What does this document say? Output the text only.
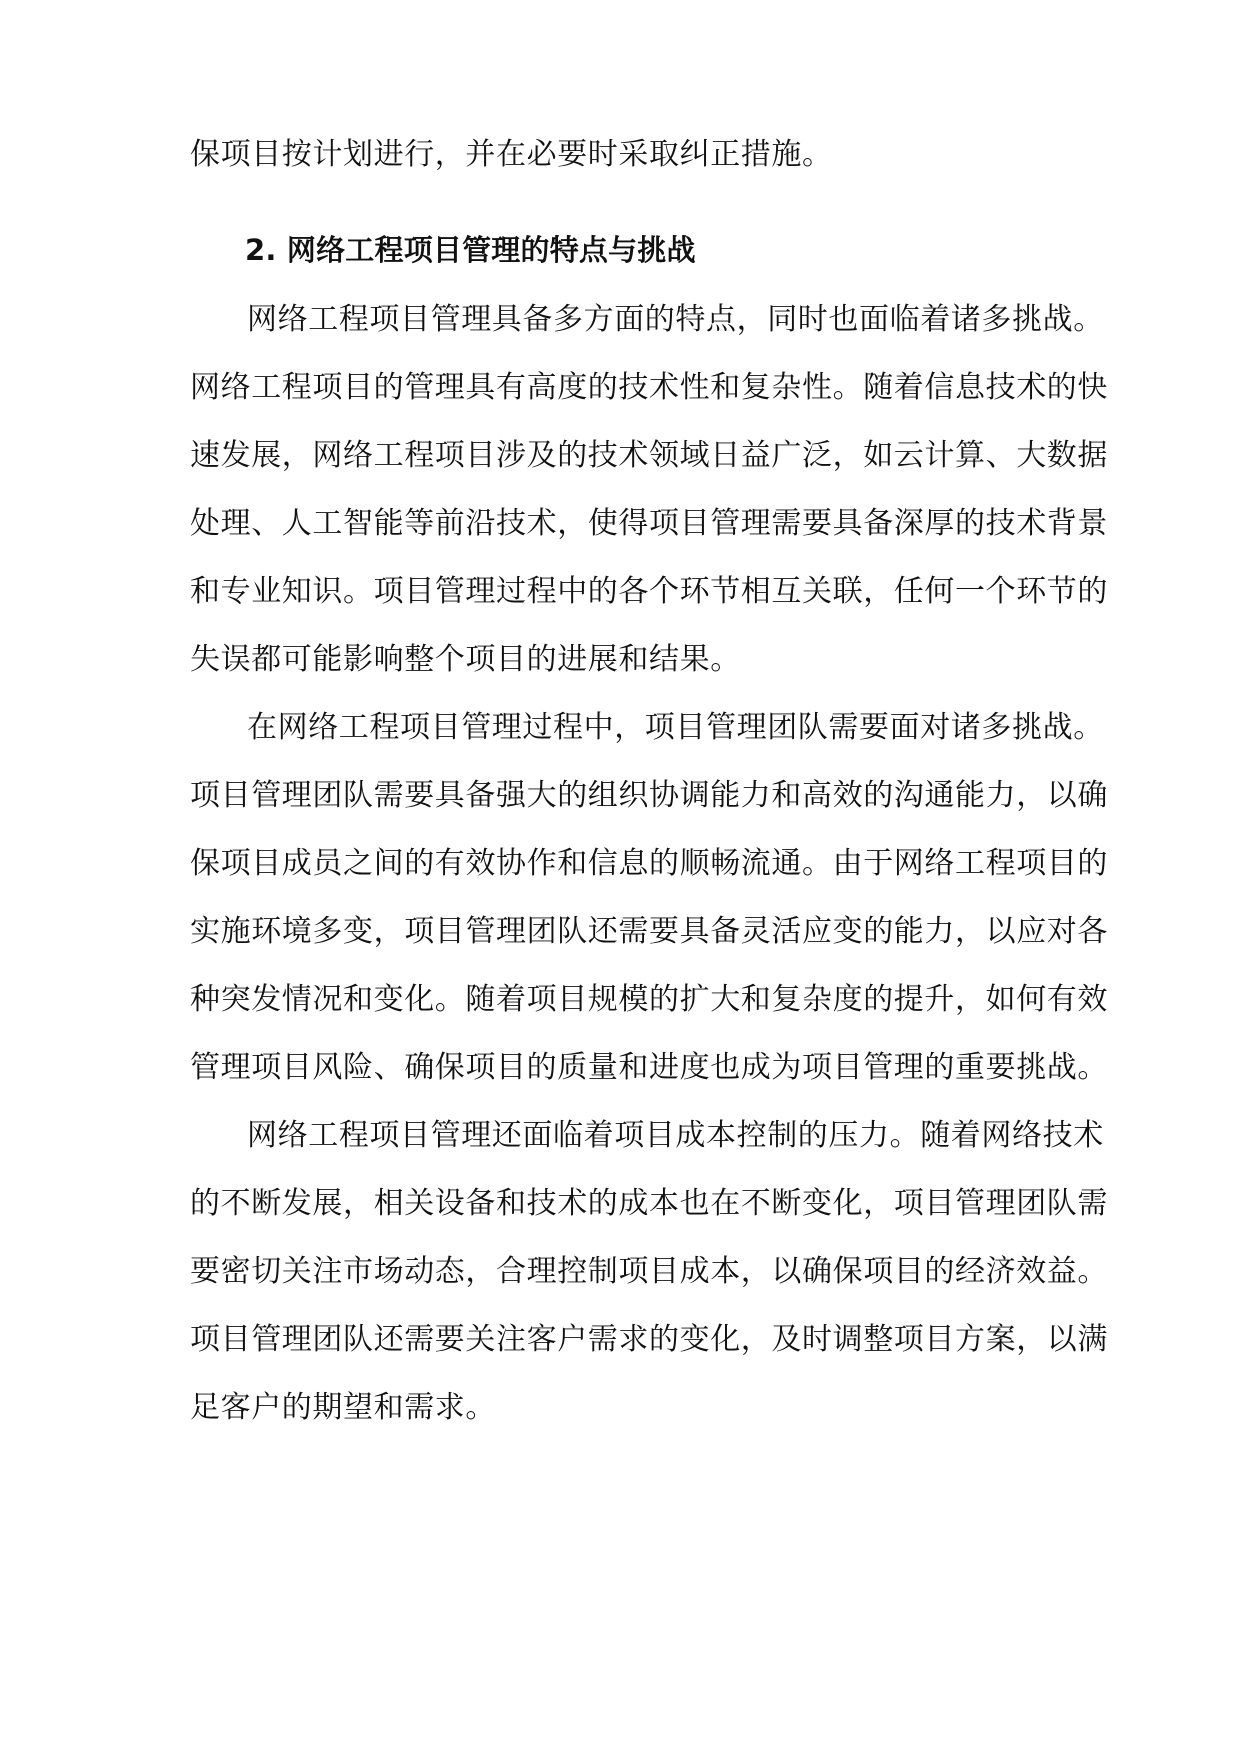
保项目按计划进行，并在必要时采取纠正措施。
2. 网络工程项目管理的特点与挑战
网络工程项目管理具备多方面的特点，同时也面临着诸多挑战。
网络工程项目的管理具有高度的技术性和复杂性。随着信息技术的快
速发展，网络工程项目涉及的技术领域日益广泛，如云计算、大数据
处理、人工智能等前沿技术，使得项目管理需要具备深厚的技术背景
和专业知识。项目管理过程中的各个环节相互关联，任何一个环节的
失误都可能影响整个项目的进展和结果。
在网络工程项目管理过程中，项目管理团队需要面对诸多挑战。
项目管理团队需要具备强大的组织协调能力和高效的沟通能力，以确
保项目成员之间的有效协作和信息的顺畅流通。由于网络工程项目的
实施环境多变，项目管理团队还需要具备灵活应变的能力，以应对各
种突发情况和变化。随着项目规模的扩大和复杂度的提升，如何有效
管理项目风险、确保项目的质量和进度也成为项目管理的重要挑战。
网络工程项目管理还面临着项目成本控制的压力。随着网络技术
的不断发展，相关设备和技术的成本也在不断变化，项目管理团队需
要密切关注市场动态，合理控制项目成本，以确保项目的经济效益。
项目管理团队还需要关注客户需求的变化，及时调整项目方案，以满
足客户的期望和需求。
